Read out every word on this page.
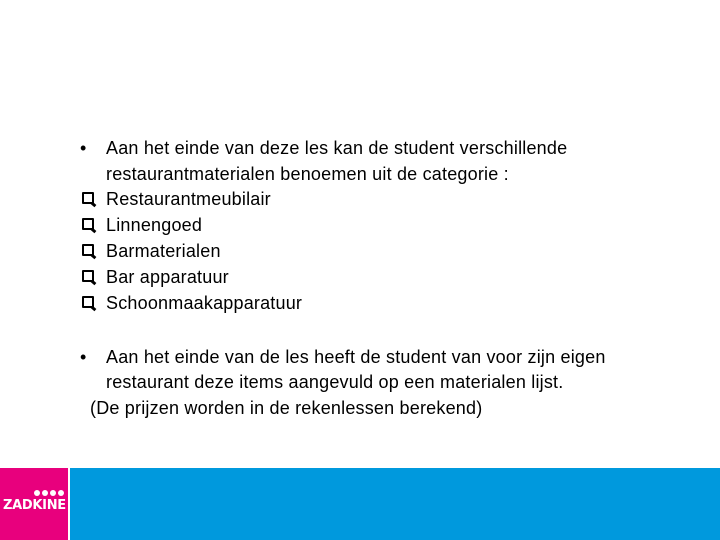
• Aan het einde van deze les kan de student verschillende
restaurantmaterialen benoemen uit de categorie :
Restaurantmeubilair
Linnengoed
Barmaterialen
Bar apparatuur
Schoonmaakapparatuur
• Aan het einde van de les heeft de student van voor zijn eigen
restaurant deze items aangevuld op een materialen lijst.
(De prijzen worden in de rekenlessen berekend)
ZADKINE
